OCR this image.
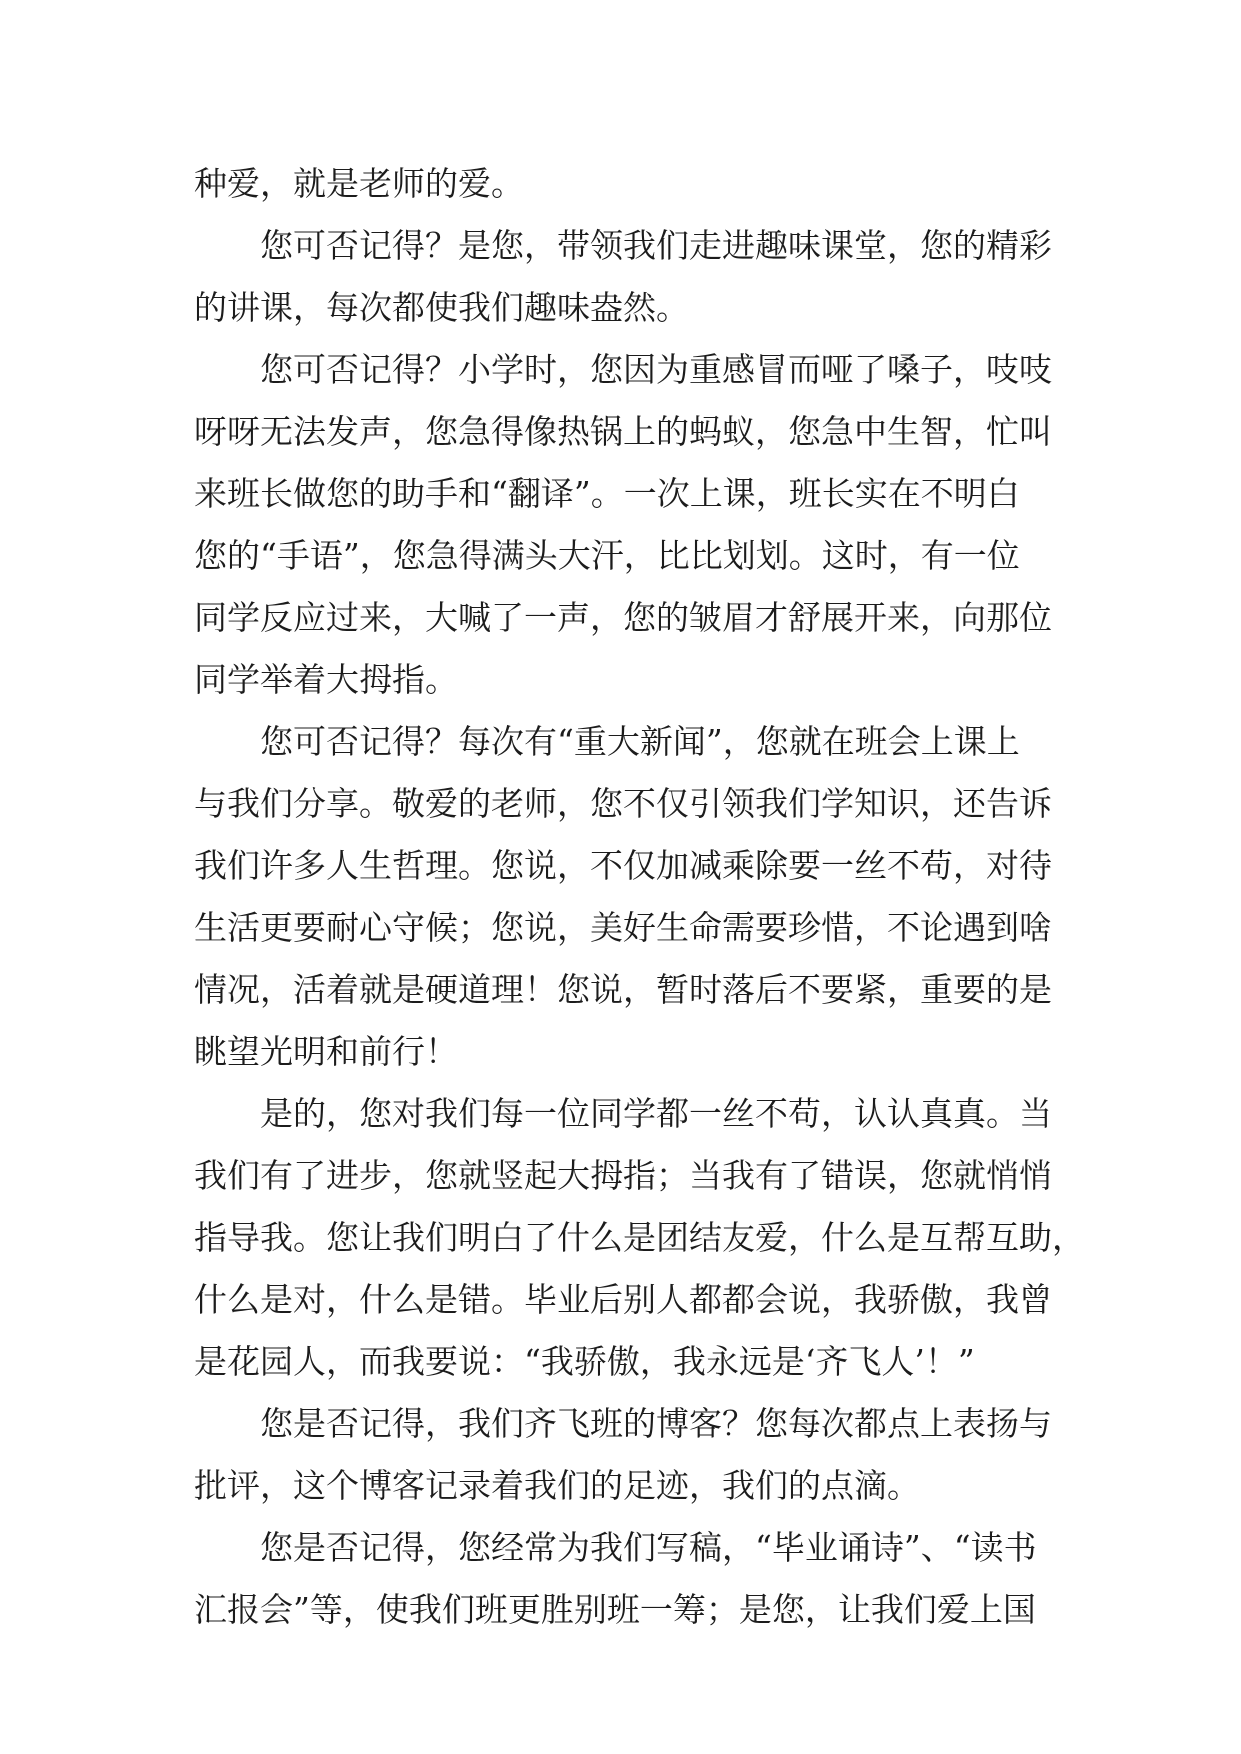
种爱，就是老师的爱。
您可否记得？是您，带领我们走进趣味课堂，您的精彩
的讲课，每次都使我们趣味盎然。
您可否记得？小学时，您因为重感冒而哑了嗓子，吱吱
呀呀无法发声，您急得像热锅上的蚂蚁，您急中生智，忙叫
来班长做您的助手和“翻译”。一次上课，班长实在不明白
您的“手语”，您急得满头大汗，比比划划。这时，有一位
同学反应过来，大喊了一声，您的皱眉才舒展开来，向那位
同学举着大拇指。
您可否记得？每次有“重大新闻”，您就在班会上课上
与我们分享。敬爱的老师，您不仅引领我们学知识，还告诉
我们许多人生哲理。您说，不仅加减乘除要一丝不苟，对待
生活更要耐心守候；您说，美好生命需要珍惜，不论遇到啥
情况，活着就是硬道理！您说，暂时落后不要紧，重要的是
眺望光明和前行！
是的，您对我们每一位同学都一丝不苟，认认真真。当
我们有了进步，您就竖起大拇指；当我有了错误，您就悄悄
指导我。您让我们明白了什么是团结友爱，什么是互帮互助，
什么是对，什么是错。毕业后别人都都会说，我骄傲，我曾
是花园人，而我要说：“我骄傲，我永远是‘齐飞人’！”
您是否记得，我们齐飞班的博客？您每次都点上表扬与
批评，这个博客记录着我们的足迹，我们的点滴。
您是否记得，您经常为我们写稿，“毕业诵诗”、“读书
汇报会”等，使我们班更胜别班一筹；是您，让我们爱上国
